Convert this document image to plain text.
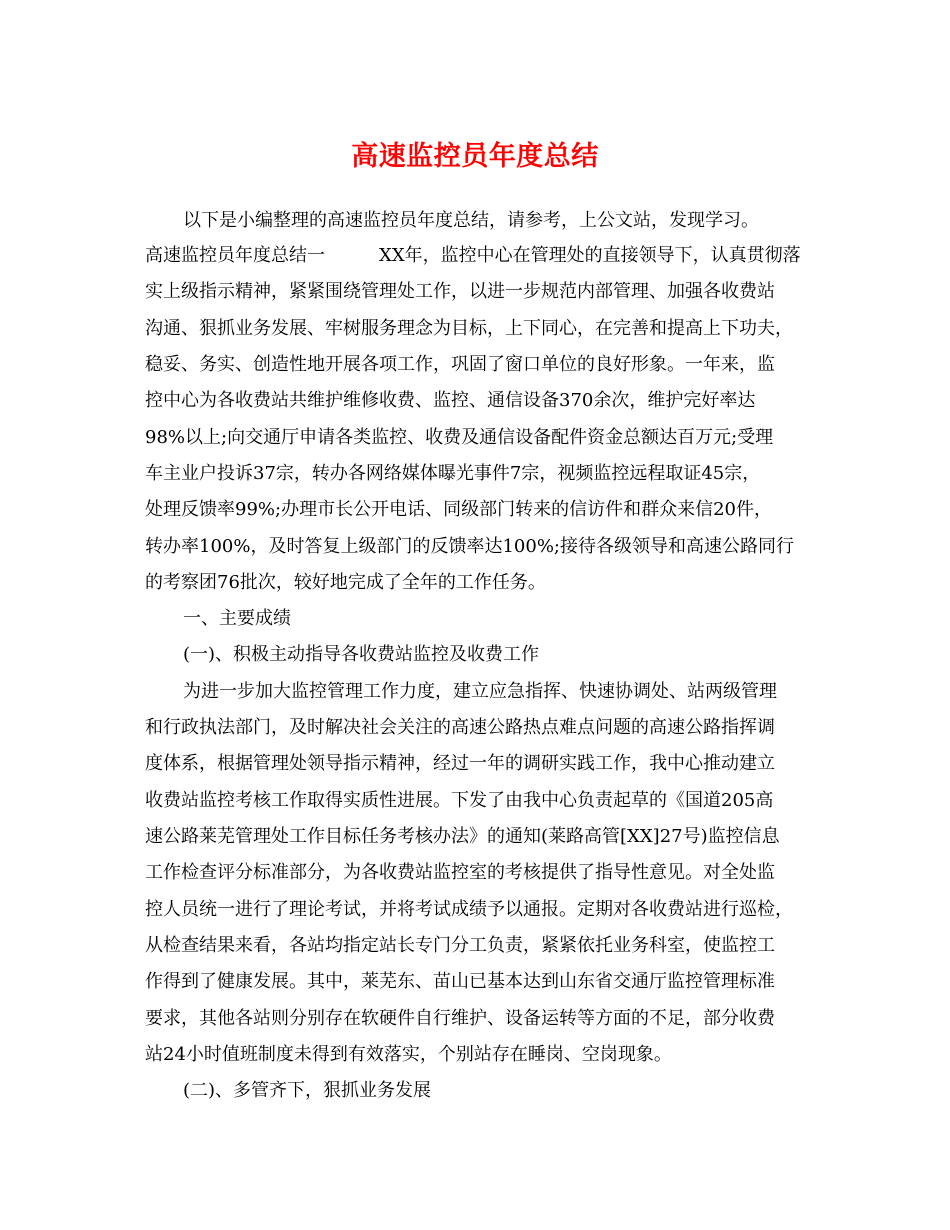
高速监控员年度总结
以下是小编整理的高速监控员年度总结，请参考，上公文站，发现学习。
高速监控员年度总结一　　　XX年，监控中心在管理处的直接领导下，认真贯彻落
实上级指示精神，紧紧围绕管理处工作，以进一步规范内部管理、加强各收费站
沟通、狠抓业务发展、牢树服务理念为目标，上下同心，在完善和提高上下功夫，
稳妥、务实、创造性地开展各项工作，巩固了窗口单位的良好形象。一年来，监
控中心为各收费站共维护维修收费、监控、通信设备370余次，维护完好率达
98%以上;向交通厅申请各类监控、收费及通信设备配件资金总额达百万元;受理
车主业户投诉37宗，转办各网络媒体曝光事件7宗，视频监控远程取证45宗，
处理反馈率99%;办理市长公开电话、同级部门转来的信访件和群众来信20件，
转办率100%，及时答复上级部门的反馈率达100%;接待各级领导和高速公路同行
的考察团76批次，较好地完成了全年的工作任务。
一、主要成绩
(一)、积极主动指导各收费站监控及收费工作
为进一步加大监控管理工作力度，建立应急指挥、快速协调处、站两级管理
和行政执法部门，及时解决社会关注的高速公路热点难点问题的高速公路指挥调
度体系，根据管理处领导指示精神，经过一年的调研实践工作，我中心推动建立
收费站监控考核工作取得实质性进展。下发了由我中心负责起草的《国道205高
速公路莱芜管理处工作目标任务考核办法》的通知(莱路高管[XX]27号)监控信息
工作检查评分标准部分，为各收费站监控室的考核提供了指导性意见。对全处监
控人员统一进行了理论考试，并将考试成绩予以通报。定期对各收费站进行巡检，
从检查结果来看，各站均指定站长专门分工负责，紧紧依托业务科室，使监控工
作得到了健康发展。其中，莱芜东、苗山已基本达到山东省交通厅监控管理标准
要求，其他各站则分别存在软硬件自行维护、设备运转等方面的不足，部分收费
站24小时值班制度未得到有效落实，个别站存在睡岗、空岗现象。
(二)、多管齐下，狠抓业务发展
